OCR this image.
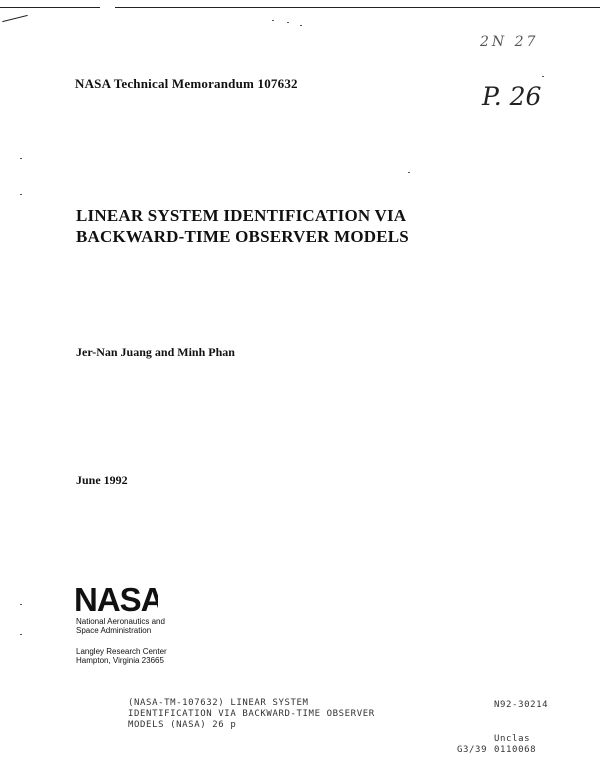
2N 27
P. 26
NASA Technical Memorandum 107632
LINEAR SYSTEM IDENTIFICATION VIA
BACKWARD-TIME OBSERVER MODELS
Jer-Nan Juang and Minh Phan
June 1992
NASA
National Aeronautics and
Space Administration
Langley Research Center
Hampton, Virginia 23665
(NASA-TM-107632) LINEAR SYSTEM
IDENTIFICATION VIA BACKWARD-TIME OBSERVER
MODELS (NASA) 26 p
N92-30214
Unclas
0110068
G3/39
